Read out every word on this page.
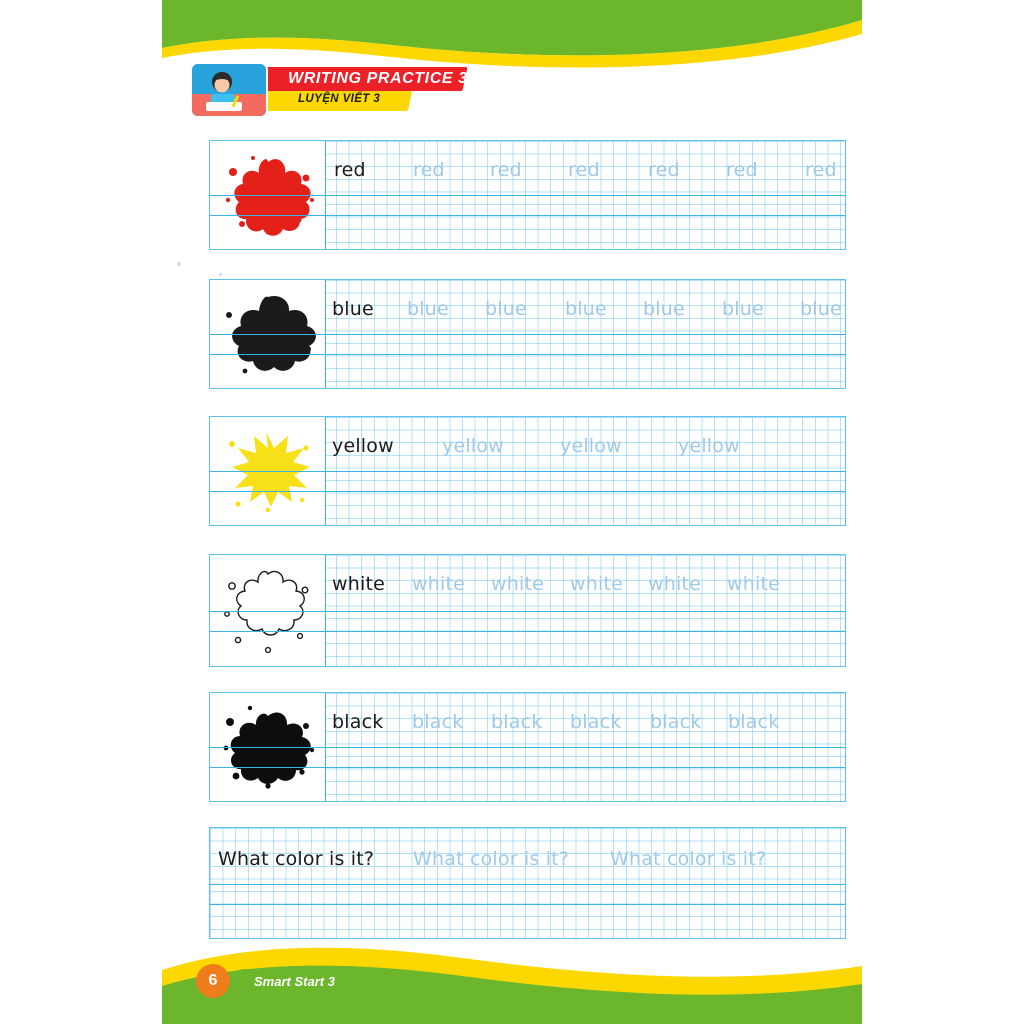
WRITING PRACTICE 3
LUYỆN VIẾT 3
red red red red	red red red
blue blue blue blue blue blue blue
yellow	yellow	yellow	yellow
white white white white white white
black black black black black black
What color is it? What color is it? What color is it?
6	Smart Start 3
